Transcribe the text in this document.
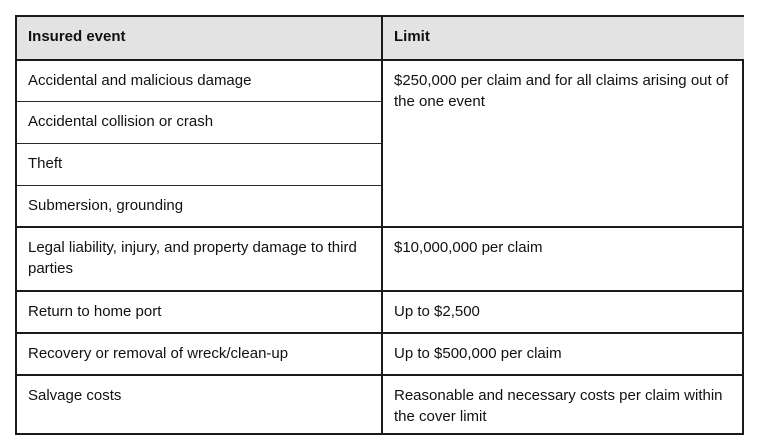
Insured event	Limit
Accidental and malicious damage
Accidental collision or crash
Theft
Submersion, grounding
Legal liability, injury, and property damage to third parties
Return to home port
Recovery or removal of wreck/clean-up
Salvage costs
$250,000 per claim and for all claims arising out of the one event
$10,000,000 per claim
Up to $2,500
Up to $500,000 per claim
Reasonable and necessary costs per claim within the cover limit
